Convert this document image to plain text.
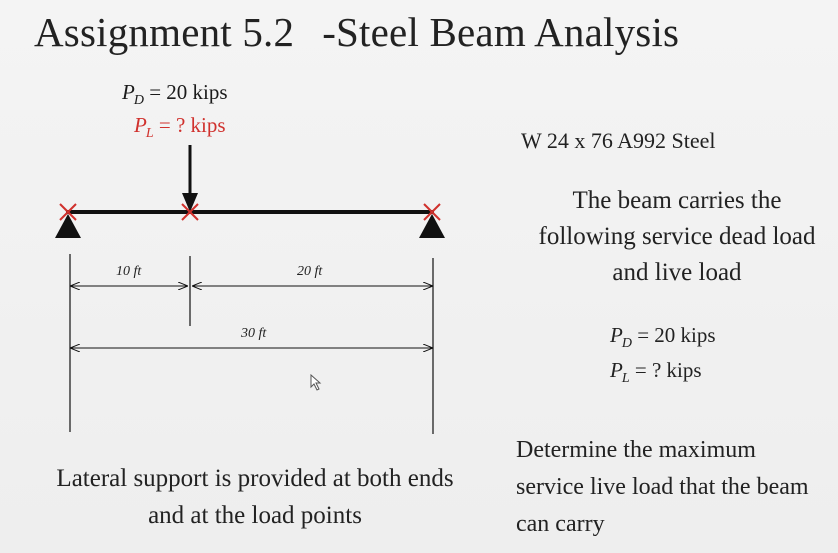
Assignment 5.2 -Steel Beam Analysis
$P_D = 20$ kips
$P_L$ = ? kips
10 ft	20 ft
30 ft
W 24 x 76 A992 Steel
The beam carries the following service dead load and live load
$P_D = 20$ kips
$P_L$ = ? kips
Determine the maximum service live load that the beam can carry
Lateral support is provided at both ends and at the load points
